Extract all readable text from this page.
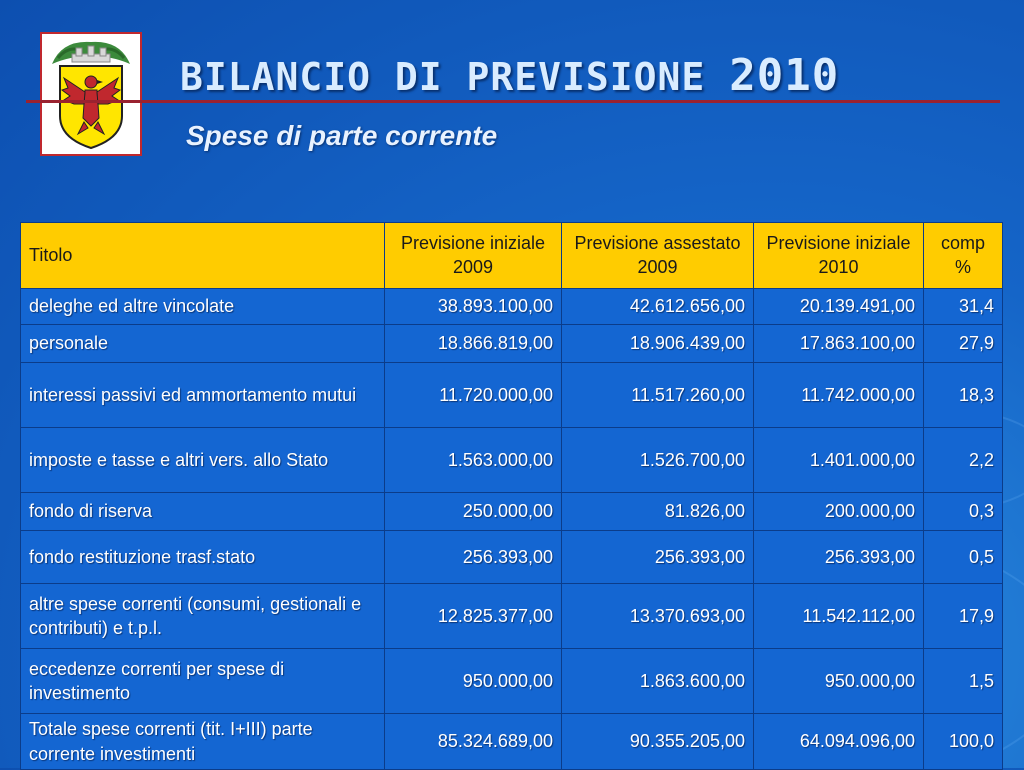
BILANCIO DI PREVISIONE 2010
Spese di parte corrente
Titolo	Previsione iniziale 2009	Previsione assestato 2009	Previsione iniziale 2010	comp %
deleghe ed altre vincolate	38.893.100,00	42.612.656,00	20.139.491,00	31,4
personale	18.866.819,00	18.906.439,00	17.863.100,00	27,9
interessi passivi ed ammortamento mutui	11.720.000,00	11.517.260,00	11.742.000,00	18,3
imposte e tasse e altri vers. allo Stato	1.563.000,00	1.526.700,00	1.401.000,00	2,2
fondo di riserva	250.000,00	81.826,00	200.000,00	0,3
fondo restituzione trasf.stato	256.393,00	256.393,00	256.393,00	0,5
altre spese correnti (consumi, gestionali e contributi) e t.p.l.	12.825.377,00	13.370.693,00	11.542.112,00	17,9
eccedenze correnti per spese di investimento	950.000,00	1.863.600,00	950.000,00	1,5
Totale spese correnti (tit. I+III) parte corrente investimenti	85.324.689,00	90.355.205,00	64.094.096,00	100,0
